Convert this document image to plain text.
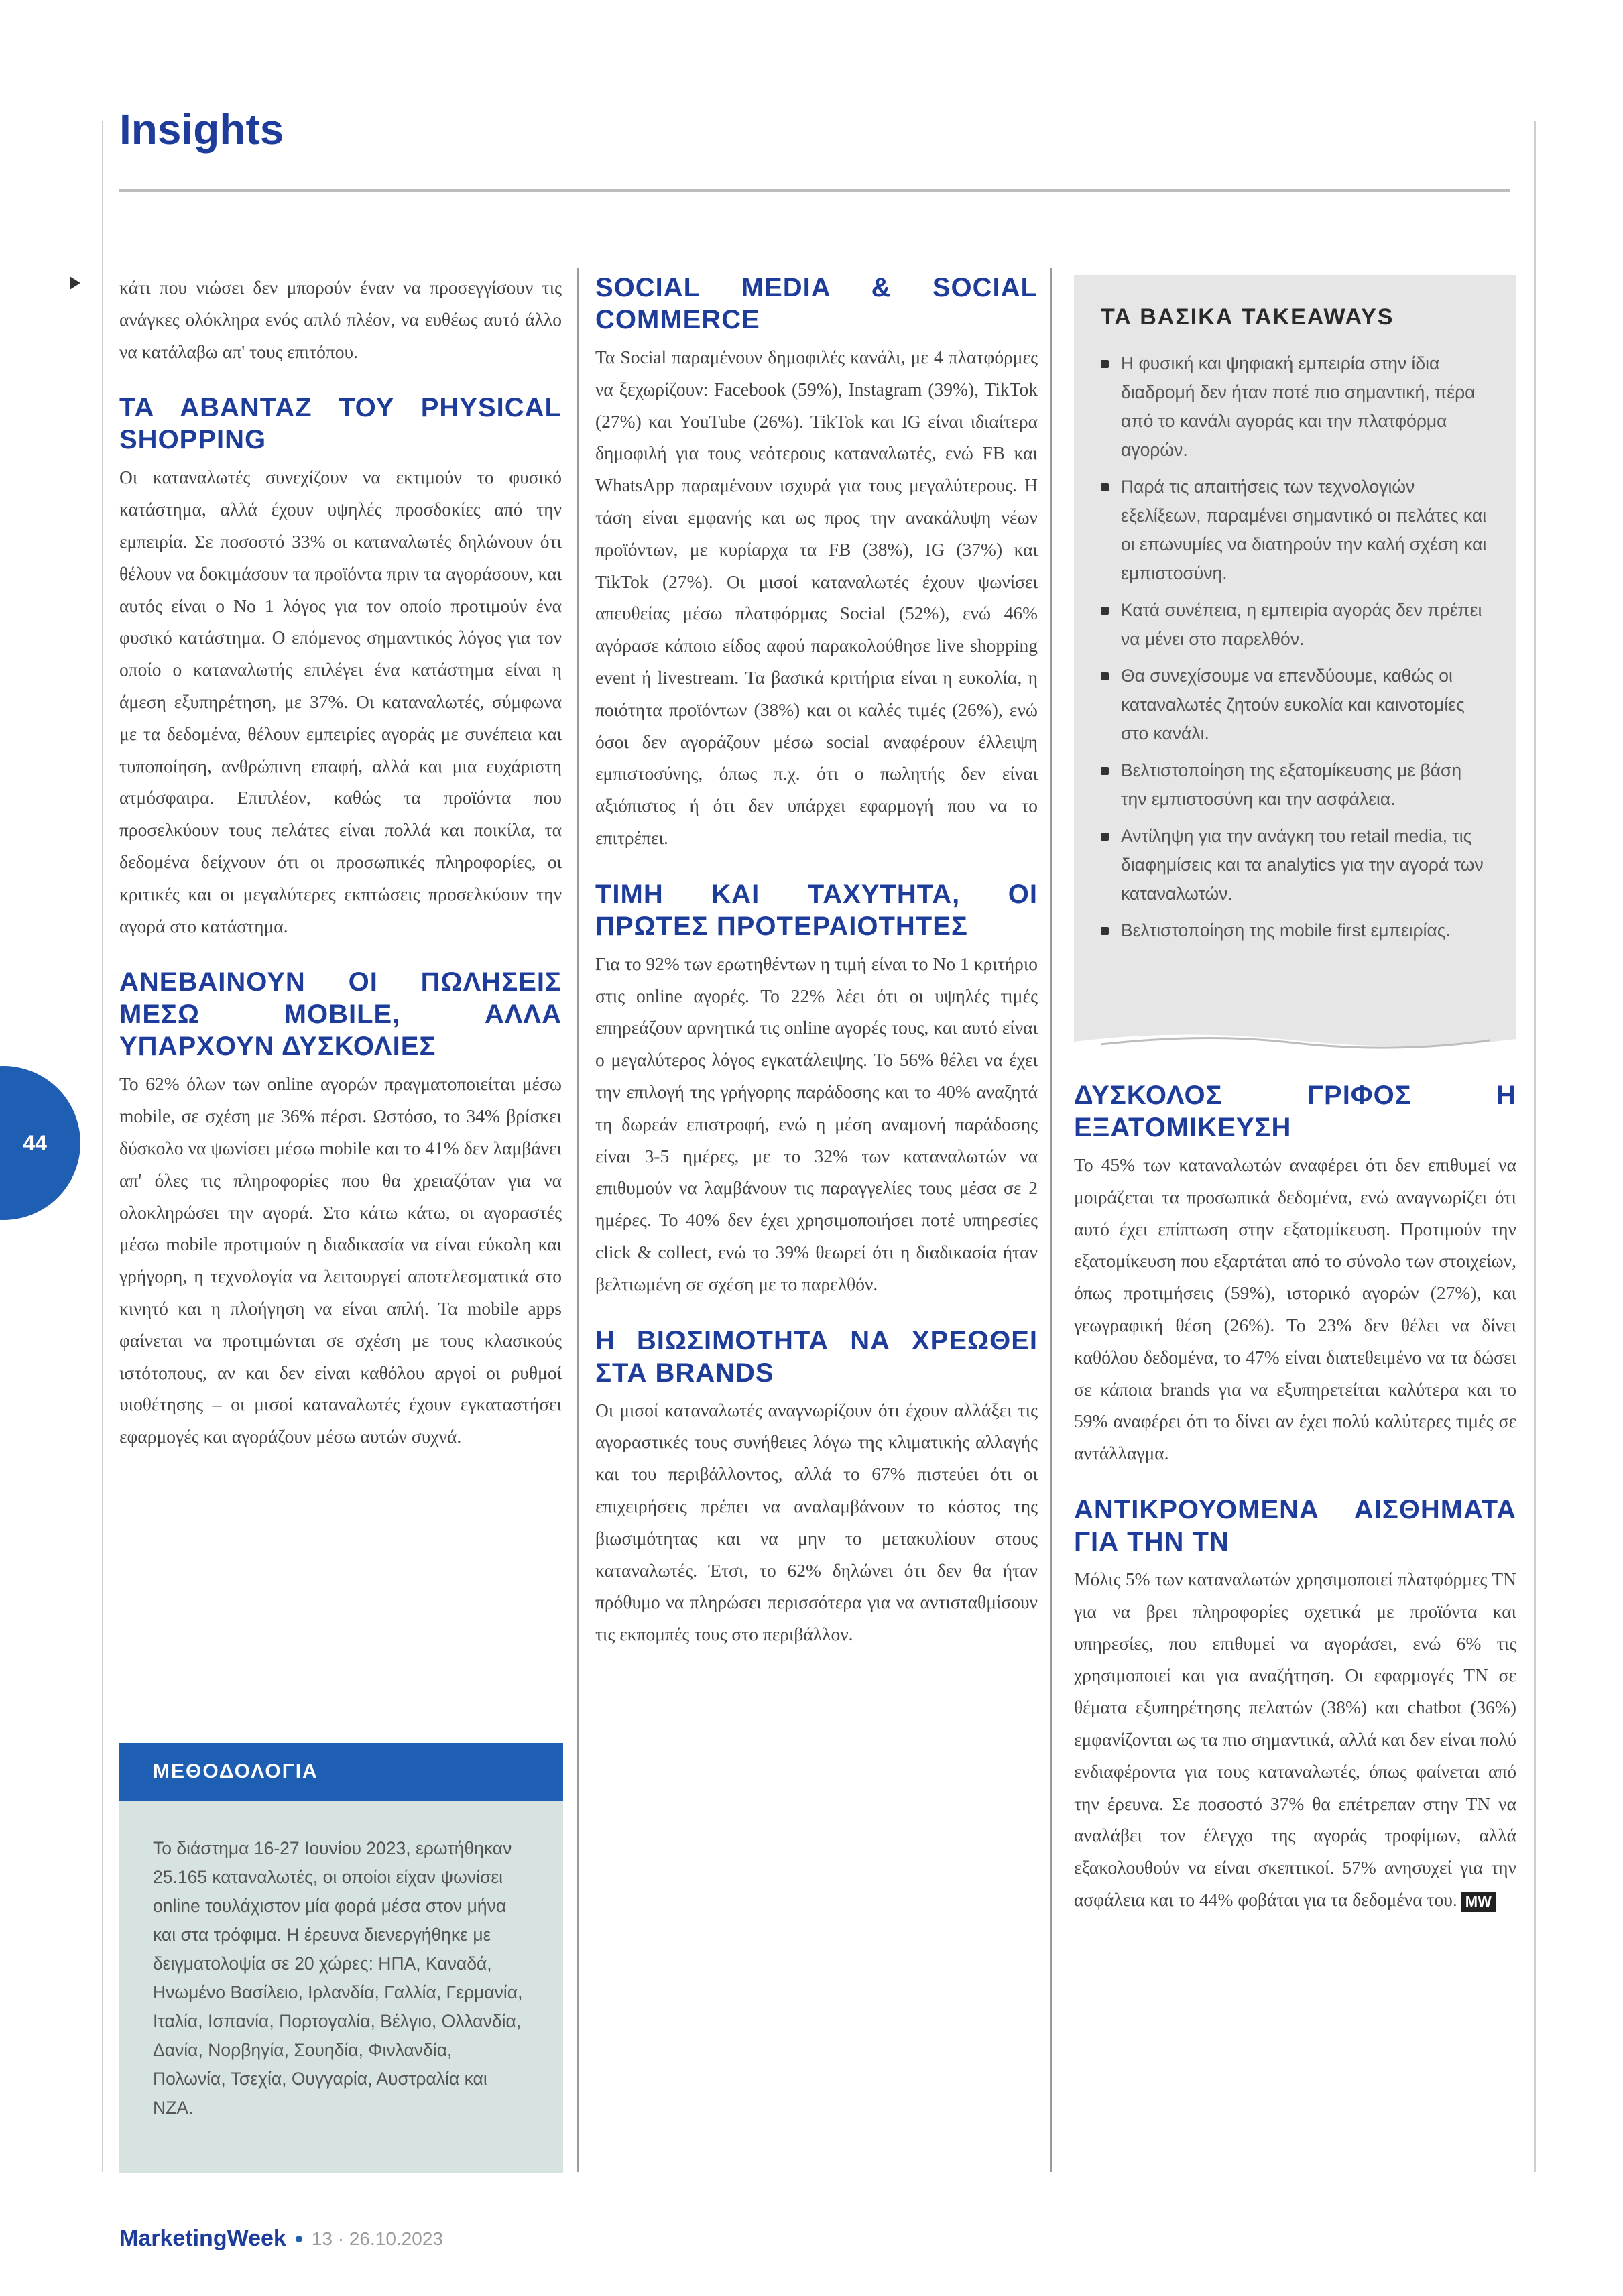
Insights
44

κάτι που νιώσει δεν μπορούν έναν να προσεγγίσουν τις ανάγκες ολόκληρα ενός απλό πλέον, να ευθέως αυτό άλλο να κατάλαβω απ' τους επιτόπου.

ΤΑ ΑΒΑΝΤΑΖ ΤΟΥ PHYSICAL SHOPPING

Οι καταναλωτές συνεχίζουν να εκτιμούν το φυσικό κατάστημα, αλλά έχουν υψηλές προσδοκίες από την εμπειρία. Σε ποσοστό 33% οι καταναλωτές δηλώνουν ότι θέλουν να δοκιμάσουν τα προϊόντα πριν τα αγοράσουν, και αυτός είναι ο Νο 1 λόγος για τον οποίο προτιμούν ένα φυσικό κατάστημα. Ο επόμενος σημαντικός λόγος για τον οποίο ο καταναλωτής επιλέγει ένα κατάστημα είναι η άμεση εξυπηρέτηση, με 37%. Οι καταναλωτές, σύμφωνα με τα δεδομένα, θέλουν εμπειρίες αγοράς με συνέπεια και τυποποίηση, ανθρώπινη επαφή, αλλά και μια ευχάριστη ατμόσφαιρα. Επιπλέον, καθώς τα προϊόντα που προσελκύουν τους πελάτες είναι πολλά και ποικίλα, τα δεδομένα δείχνουν ότι οι προσωπικές πληροφορίες, οι κριτικές και οι μεγαλύτερες εκπτώσεις προσελκύουν την αγορά στο κατάστημα.

ΑΝΕΒΑΙΝΟΥΝ ΟΙ ΠΩΛΗΣΕΙΣ ΜΕΣΩ MOBILE, ΑΛΛΑ ΥΠΑΡΧΟΥΝ ΔΥΣΚΟΛΙΕΣ

Το 62% όλων των online αγορών πραγματοποιείται μέσω mobile, σε σχέση με 36% πέρσι. Ωστόσο, το 34% βρίσκει δύσκολο να ψωνίσει μέσω mobile και το 41% δεν λαμβάνει απ' όλες τις πληροφορίες που θα χρειαζόταν για να ολοκληρώσει την αγορά. Στο κάτω κάτω, οι αγοραστές μέσω mobile προτιμούν η διαδικασία να είναι εύκολη και γρήγορη, η τεχνολογία να λειτουργεί αποτελεσματικά στο κινητό και η πλοήγηση να είναι απλή. Τα mobile apps φαίνεται να προτιμώνται σε σχέση με τους κλασικούς ιστότοπους, αν και δεν είναι καθόλου αργοί οι ρυθμοί υιοθέτησης – οι μισοί καταναλωτές έχουν εγκαταστήσει εφαρμογές και αγοράζουν μέσω αυτών συχνά.

ΜΕΘΟΔΟΛΟΓΙΑ
Το διάστημα 16-27 Ιουνίου 2023, ερωτήθηκαν 25.165 καταναλωτές, οι οποίοι είχαν ψωνίσει online τουλάχιστον μία φορά μέσα στον μήνα και στα τρόφιμα. Η έρευνα διενεργήθηκε με δειγματολοψία σε 20 χώρες: ΗΠΑ, Καναδά, Ηνωμένο Βασίλειο, Ιρλανδία, Γαλλία, Γερμανία, Ιταλία, Ισπανία, Πορτογαλία, Βέλγιο, Ολλανδία, Δανία, Νορβηγία, Σουηδία, Φινλανδία, Πολωνία, Τσεχία, Ουγγαρία, Αυστραλία και ΝΖΑ.
SOCIAL MEDIA & SOCIAL COMMERCE

Τα Social παραμένουν δημοφιλές κανάλι, με 4 πλατφόρμες να ξεχωρίζουν: Facebook (59%), Instagram (39%), TikTok (27%) και YouTube (26%). TikTok και IG είναι ιδιαίτερα δημοφιλή για τους νεότερους καταναλωτές, ενώ FB και WhatsApp παραμένουν ισχυρά για τους μεγαλύτερους. Η τάση είναι εμφανής και ως προς την ανακάλυψη νέων προϊόντων, με κυρίαρχα τα FB (38%), IG (37%) και TikTok (27%). Οι μισοί καταναλωτές έχουν ψωνίσει απευθείας μέσω πλατφόρμας Social (52%), ενώ 46% αγόρασε κάποιο είδος αφού παρακολούθησε live shopping event ή livestream. Τα βασικά κριτήρια είναι η ευκολία, η ποιότητα προϊόντων (38%) και οι καλές τιμές (26%), ενώ όσοι δεν αγοράζουν μέσω social αναφέρουν έλλειψη εμπιστοσύνης, όπως π.χ. ότι ο πωλητής δεν είναι αξιόπιστος ή ότι δεν υπάρχει εφαρμογή που να το επιτρέπει.

ΤΙΜΗ ΚΑΙ ΤΑΧΥΤΗΤΑ, ΟΙ ΠΡΩΤΕΣ ΠΡΟΤΕΡΑΙΟΤΗΤΕΣ

Για το 92% των ερωτηθέντων η τιμή είναι το Νο 1 κριτήριο στις online αγορές. Το 22% λέει ότι οι υψηλές τιμές επηρεάζουν αρνητικά τις online αγορές τους, και αυτό είναι ο μεγαλύτερος λόγος εγκατάλειψης. Το 56% θέλει να έχει την επιλογή της γρήγορης παράδοσης και το 40% αναζητά τη δωρεάν επιστροφή, ενώ η μέση αναμονή παράδοσης είναι 3-5 ημέρες, με το 32% των καταναλωτών να επιθυμούν να λαμβάνουν τις παραγγελίες τους μέσα σε 2 ημέρες. Το 40% δεν έχει χρησιμοποιήσει ποτέ υπηρεσίες click & collect, ενώ το 39% θεωρεί ότι η διαδικασία ήταν βελτιωμένη σε σχέση με το παρελθόν.

Η ΒΙΩΣΙΜΟΤΗΤΑ ΝΑ ΧΡΕΩΘΕΙ ΣΤΑ BRANDS

Οι μισοί καταναλωτές αναγνωρίζουν ότι έχουν αλλάξει τις αγοραστικές τους συνήθειες λόγω της κλιματικής αλλαγής και του περιβάλλοντος, αλλά το 67% πιστεύει ότι οι επιχειρήσεις πρέπει να αναλαμβάνουν το κόστος της βιωσιμότητας και να μην το μετακυλίουν στους καταναλωτές. Έτσι, το 62% δηλώνει ότι δεν θα ήταν πρόθυμο να πληρώσει περισσότερα για να αντισταθμίσουν τις εκπομπές τους στο περιβάλλον.

ΤΑ ΒΑΣΙΚΑ TAKEAWAYS
Η φυσική και ψηφιακή εμπειρία στην ίδια διαδρομή δεν ήταν ποτέ πιο σημαντική, πέρα από το κανάλι αγοράς και την πλατφόρμα αγορών.
Παρά τις απαιτήσεις των τεχνολογιών εξελίξεων, παραμένει σημαντικό οι πελάτες και οι επωνυμίες να διατηρούν την καλή σχέση και εμπιστοσύνη.
Κατά συνέπεια, η εμπειρία αγοράς δεν πρέπει να μένει στο παρελθόν.
Θα συνεχίσουμε να επενδύουμε, καθώς οι καταναλωτές ζητούν ευκολία και καινοτομίες στο κανάλι.
Βελτιστοποίηση της εξατομίκευσης με βάση την εμπιστοσύνη και την ασφάλεια.
Αντίληψη για την ανάγκη του retail media, τις διαφημίσεις και τα analytics για την αγορά των καταναλωτών.
Βελτιστοποίηση της mobile first εμπειρίας.
ΔΥΣΚΟΛΟΣ ΓΡΙΦΟΣ Η ΕΞΑΤΟΜΙΚΕΥΣΗ

Το 45% των καταναλωτών αναφέρει ότι δεν επιθυμεί να μοιράζεται τα προσωπικά δεδομένα, ενώ αναγνωρίζει ότι αυτό έχει επίπτωση στην εξατομίκευση. Προτιμούν την εξατομίκευση που εξαρτάται από το σύνολο των στοιχείων, όπως προτιμήσεις (59%), ιστορικό αγορών (27%), και γεωγραφική θέση (26%). Το 23% δεν θέλει να δίνει καθόλου δεδομένα, το 47% είναι διατεθειμένο να τα δώσει σε κάποια brands για να εξυπηρετείται καλύτερα και το 59% αναφέρει ότι το δίνει αν έχει πολύ καλύτερες τιμές σε αντάλλαγμα.

ΑΝΤΙΚΡΟΥΟΜΕΝΑ ΑΙΣΘΗΜΑΤΑ ΓΙΑ ΤΗΝ ΤΝ

Μόλις 5% των καταναλωτών χρησιμοποιεί πλατφόρμες ΤΝ για να βρει πληροφορίες σχετικά με προϊόντα και υπηρεσίες, που επιθυμεί να αγοράσει, ενώ 6% τις χρησιμοποιεί και για αναζήτηση. Οι εφαρμογές ΤΝ σε θέματα εξυπηρέτησης πελατών (38%) και chatbot (36%) εμφανίζονται ως τα πιο σημαντικά, αλλά και δεν είναι πολύ ενδιαφέροντα για τους καταναλωτές, όπως φαίνεται από την έρευνα. Σε ποσοστό 37% θα επέτρεπαν στην ΤΝ να αναλάβει τον έλεγχο της αγοράς τροφίμων, αλλά εξακολουθούν να είναι σκεπτικοί. 57% ανησυχεί για την ασφάλεια και το 44% φοβάται για τα δεδομένα του. MW

MarketingWeek 13 · 26.10.2023
